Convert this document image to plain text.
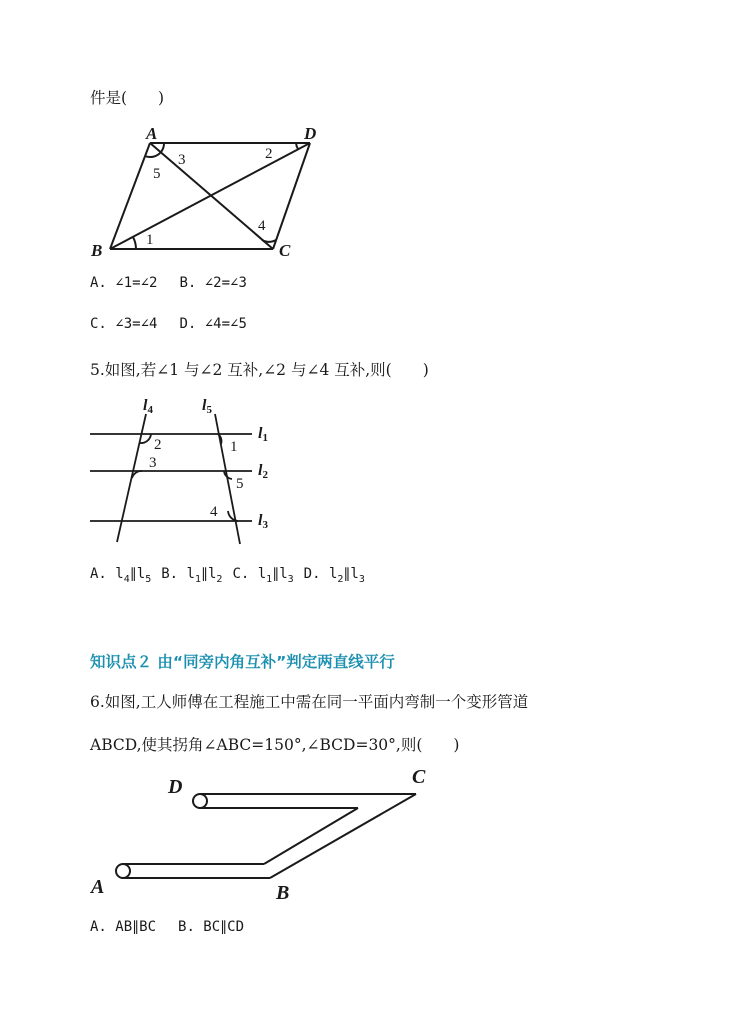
件是(　　)
A	D
B	C
3
5
2
1
4
A. ∠1=∠2 B. ∠2=∠3
C. ∠3=∠4 D. ∠4=∠5
5.如图,若∠1 与∠2 互补,∠2 与∠4 互补,则(　　)
l4	l5
l1
l2
l3
2	1
3
5
4
A. $l_4\parallel l_5$ B. $l_1\parallel l_2$ C. $l_1\parallel l_3$ D. $l_2\parallel l_3$
知识点２ 由“同旁内角互补”判定两直线平行
6.如图,工人师傅在工程施工中需在同一平面内弯制一个变形管道
ABCD,使其拐角∠ABC=150°,∠BCD=30°,则(　　)
D	C
A	B
A. AB∥BC B. BC∥CD
